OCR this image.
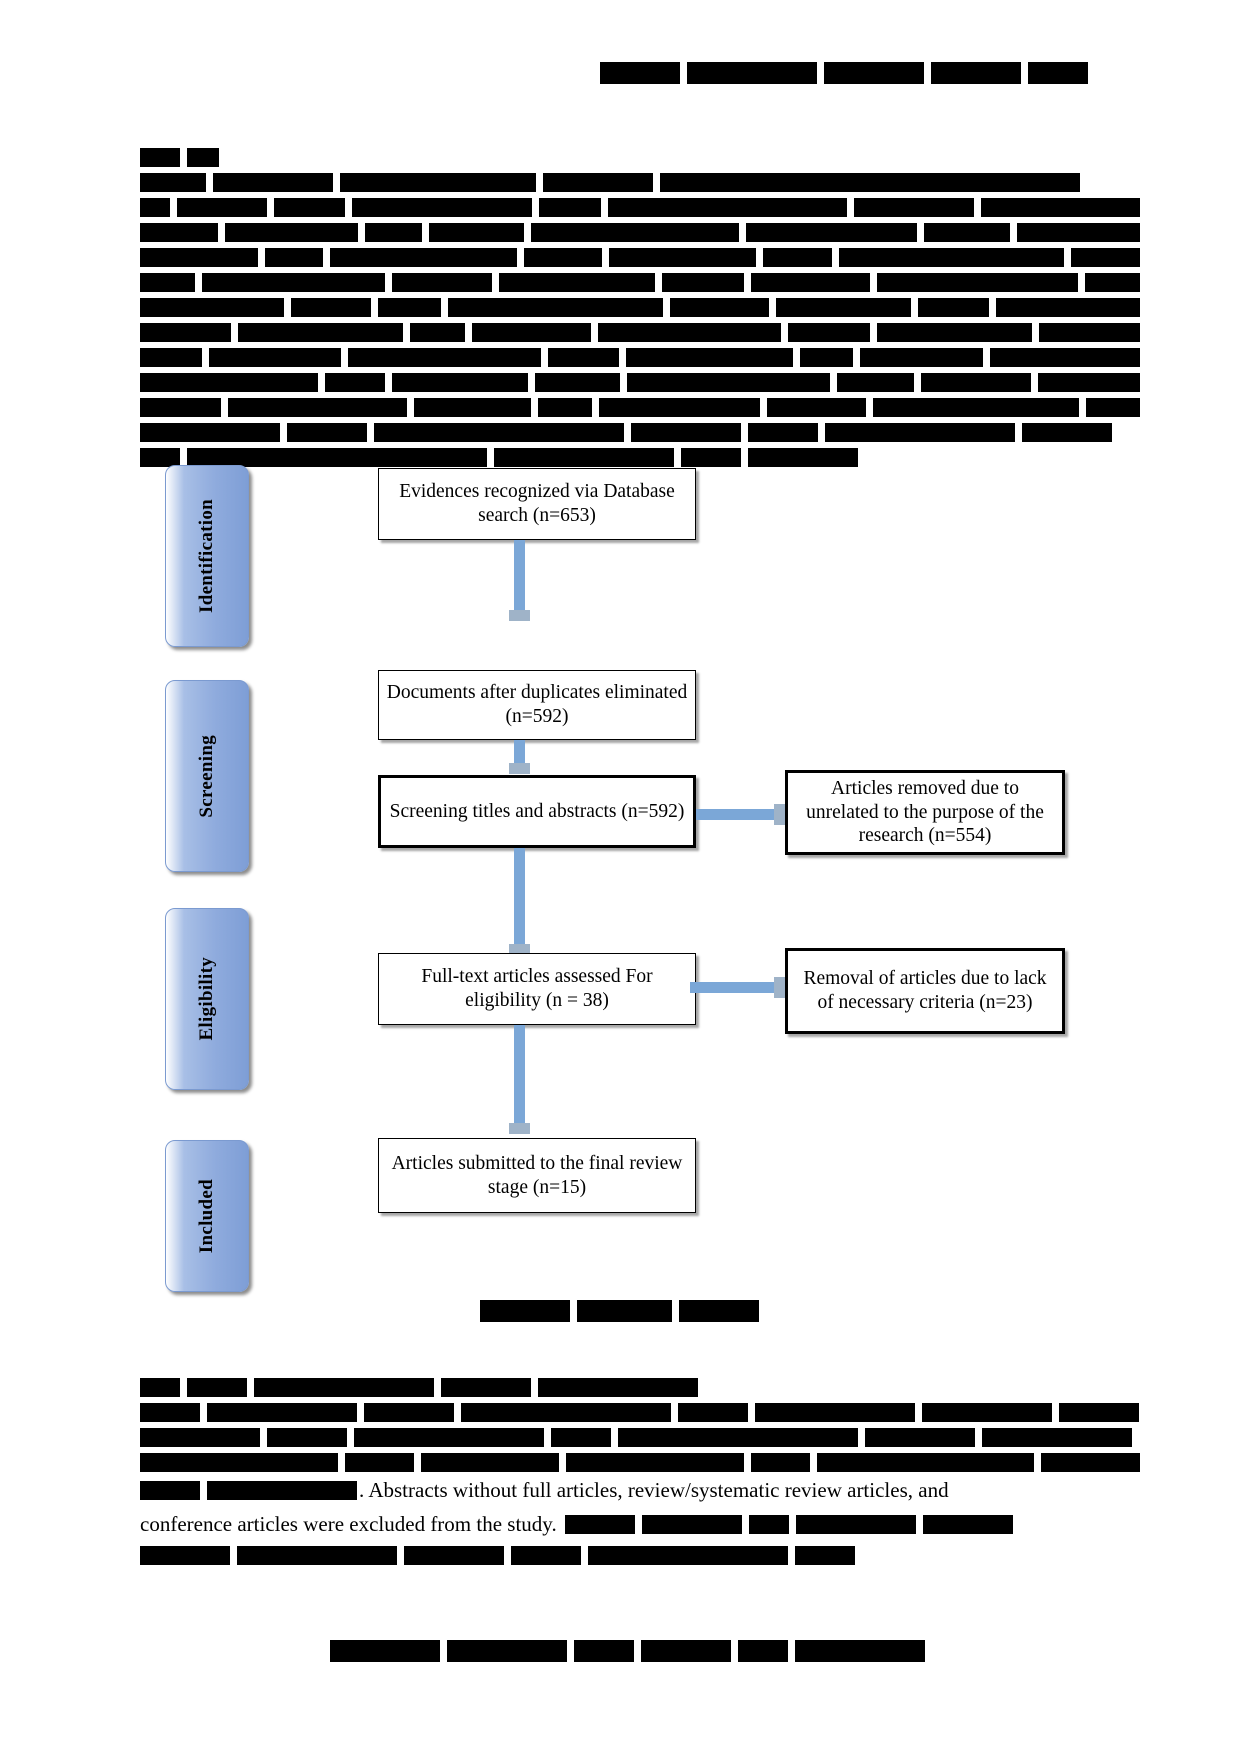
Identification
Screening
Eligibility
Included
Evidences recognized via Database search (n=653)
Documents after duplicates eliminated (n=592)
Screening titles and abstracts (n=592)
Articles removed due to unrelated to the purpose of the research (n=554)
Full-text articles assessed For eligibility (n = 38)
Removal of articles due to lack of necessary criteria (n=23)
Articles submitted to the final review stage (n=15)
. Abstracts without full articles, review/systematic review articles, and
conference articles were excluded from the study.
